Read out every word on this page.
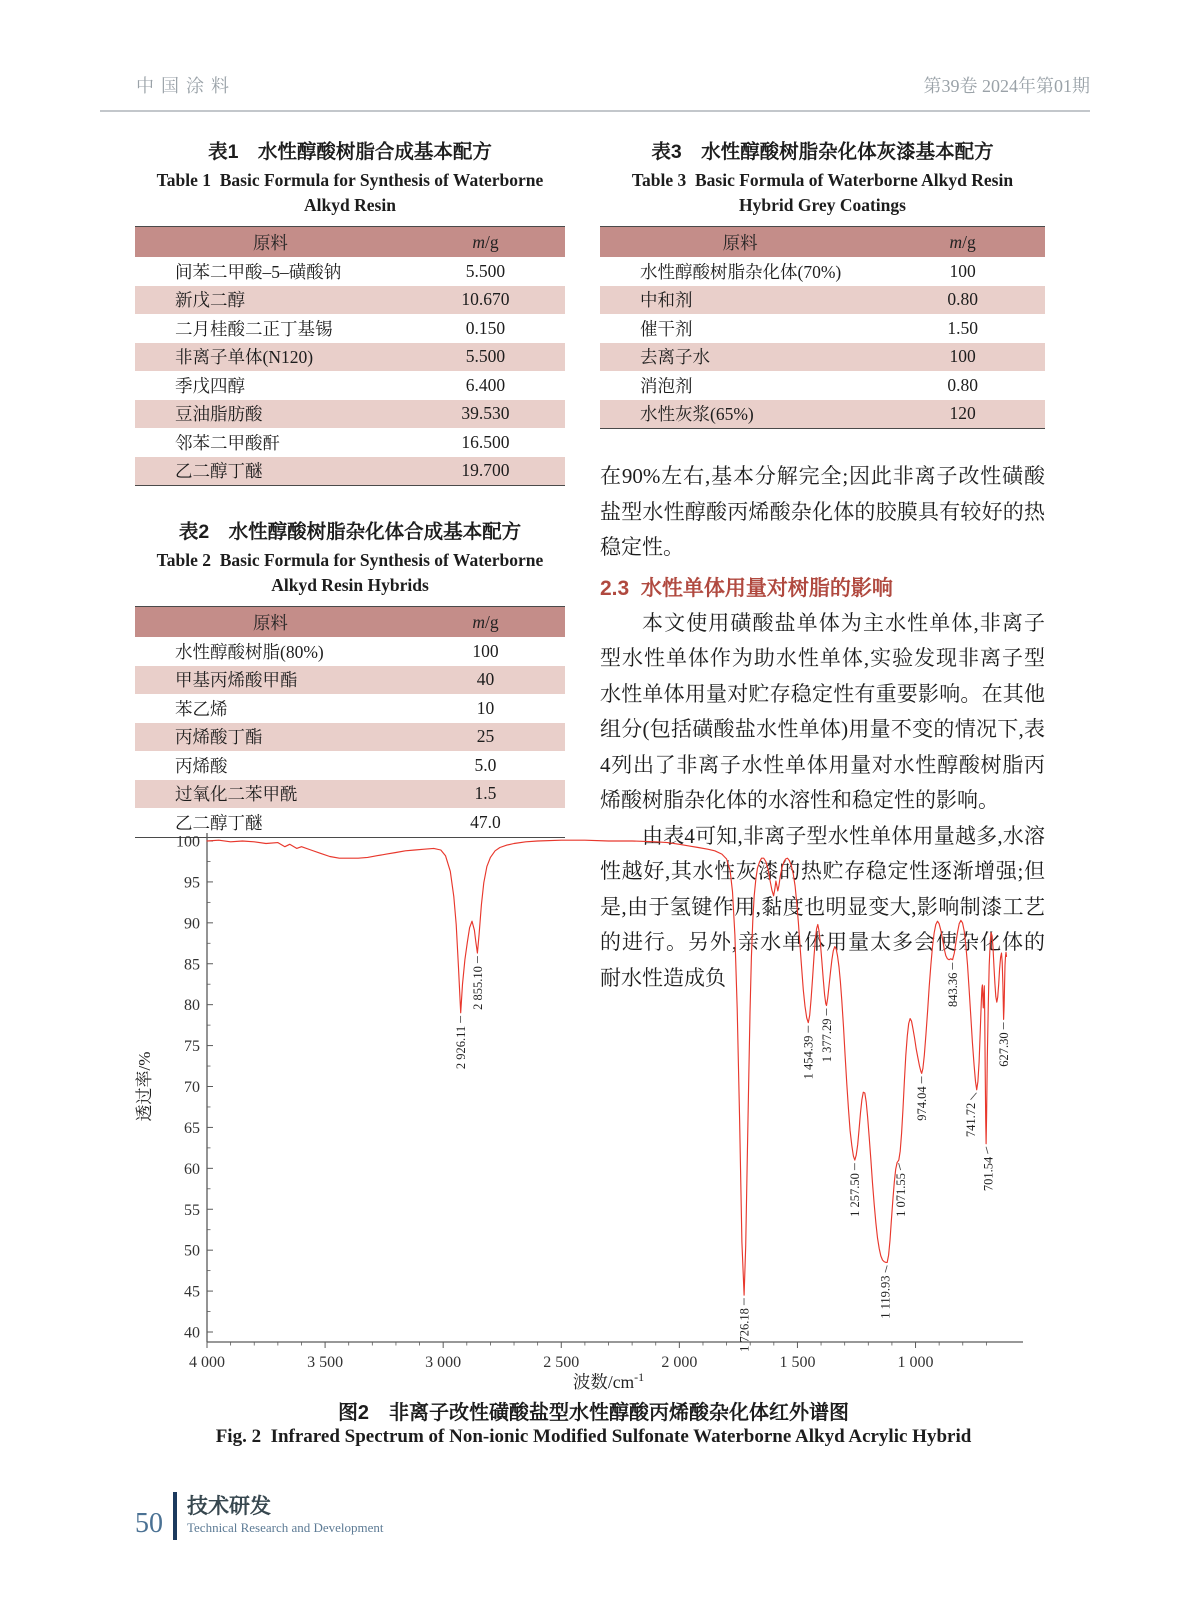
中国涂料	第39卷 2024年第01期
表1　水性醇酸树脂合成基本配方
Table 1  Basic Formula for Synthesis of Waterborne
Alkyd Resin
原料	m/g
间苯二甲酸–5–磺酸钠	5.500
新戊二醇	10.670
二月桂酸二正丁基锡	0.150
非离子单体(N120)	5.500
季戊四醇	6.400
豆油脂肪酸	39.530
邻苯二甲酸酐	16.500
乙二醇丁醚	19.700
表2　水性醇酸树脂杂化体合成基本配方
Table 2  Basic Formula for Synthesis of Waterborne
Alkyd Resin Hybrids
原料	m/g
水性醇酸树脂(80%)	100
甲基丙烯酸甲酯	40
苯乙烯	10
丙烯酸丁酯	25
丙烯酸	5.0
过氧化二苯甲酰	1.5
乙二醇丁醚	47.0
表3　水性醇酸树脂杂化体灰漆基本配方
Table 3  Basic Formula of Waterborne Alkyd Resin
Hybrid Grey Coatings
原料	m/g
水性醇酸树脂杂化体(70%)	100
中和剂	0.80
催干剂	1.50
去离子水	100
消泡剂	0.80
水性灰浆(65%)	120

在90%左右,基本分解完全;因此非离子改性磺酸盐型水性醇酸丙烯酸杂化体的胶膜具有较好的热稳定性。

2.3  水性单体用量对树脂的影响

本文使用磺酸盐单体为主水性单体,非离子型水性单体作为助水性单体,实验发现非离子型水性单体用量对贮存稳定性有重要影响。在其他组分(包括磺酸盐水性单体)用量不变的情况下,表4列出了非离子水性单体用量对水性醇酸树脂丙烯酸树脂杂化体的水溶性和稳定性的影响。

由表4可知,非离子型水性单体用量越多,水溶性越好,其水性灰漆的热贮存稳定性逐渐增强;但是,由于氢键作用,黏度也明显变大,影响制漆工艺的进行。另外,亲水单体用量太多会使杂化体的耐水性造成负

40
45
50
55
60
65
70
75
80
85
90
95
100
4 000	3 500	3 000	2 500	2 000	1 500	1 000
2 926.11
2 855.10
1 726.18
1 454.39 1 377.29
1 257.50
1 119.93
1 071.55
974.04
843.36
741.72
701.54
627.30
透过率/%
波数$/cm^{-1}$
图2　非离子改性磺酸盐型水性醇酸丙烯酸杂化体红外谱图
Fig. 2  Infrared Spectrum of Non-ionic Modified Sulfonate Waterborne Alkyd Acrylic Hybrid
50
技术研发
Technical Research and Development
